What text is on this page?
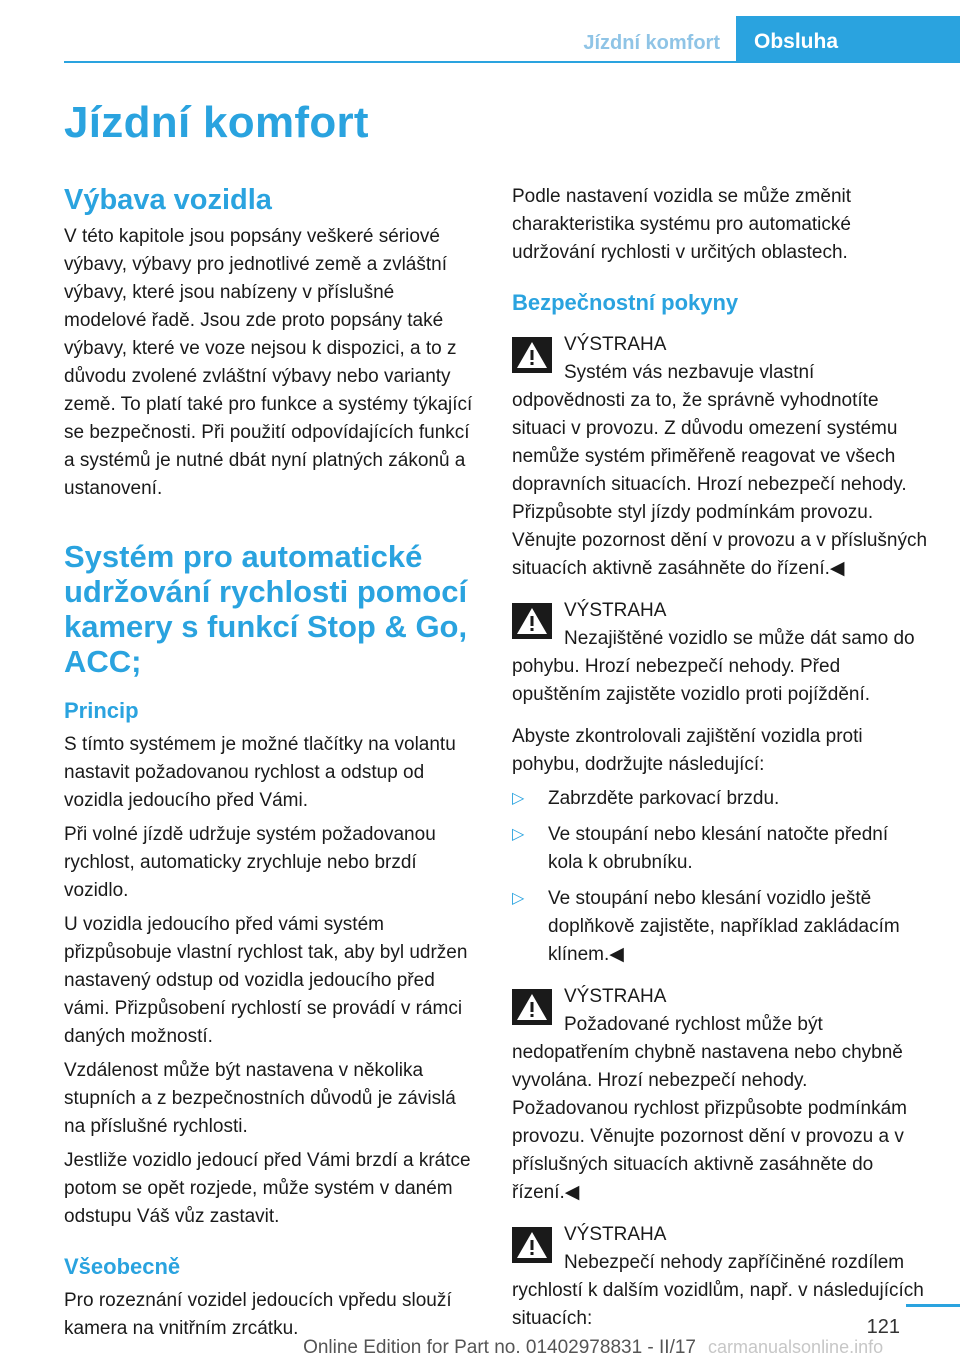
Jízdní komfort	Obsluha
Jízdní komfort
Výbava vozidla

V této kapitole jsou popsány veškeré sériové výbavy, výbavy pro jednotlivé země a zvláštní výbavy, které jsou nabízeny v příslušné modelové řadě. Jsou zde proto popsány také výbavy, které ve voze nejsou k dispozici, a to z důvodu zvolené zvláštní výbavy nebo varianty země. To platí také pro funkce a systémy týkající se bezpečnosti. Při použití odpovídajících funkcí a systémů je nutné dbát nyní platných zákonů a ustanovení.

Systém pro automatické udržování rychlosti pomocí kamery s funkcí Stop & Go, ACC;
Princip

S tímto systémem je možné tlačítky na volantu nastavit požadovanou rychlost a odstup od vozidla jedoucího před Vámi.

Při volné jízdě udržuje systém požadovanou rychlost, automaticky zrychluje nebo brzdí vozidlo.

U vozidla jedoucího před vámi systém přizpůsobuje vlastní rychlost tak, aby byl udržen nastavený odstup od vozidla jedoucího před vámi. Přizpůsobení rychlostí se provádí v rámci daných možností.

Vzdálenost může být nastavena v několika stupních a z bezpečnostních důvodů je závislá na příslušné rychlosti.

Jestliže vozidlo jedoucí před Vámi brzdí a krátce potom se opět rozjede, může systém v daném odstupu Váš vůz zastavit.

Všeobecně

Pro rozeznání vozidel jedoucích vpředu slouží kamera na vnitřním zrcátku.

Podle nastavení vozidla se může změnit charakteristika systému pro automatické udržování rychlosti v určitých oblastech.

Bezpečnostní pokyny
VÝSTRAHA
Systém vás nezbavuje vlastní odpovědnosti za to, že správně vyhodnotíte situaci v provozu. Z důvodu omezení systému nemůže systém přiměřeně reagovat ve všech dopravních situacích. Hrozí nebezpečí nehody. Přizpůsobte styl jízdy podmínkám provozu. Věnujte pozornost dění v provozu a v příslušných situacích aktivně zasáhněte do řízení.◀
VÝSTRAHA
Nezajištěné vozidlo se může dát samo do pohybu. Hrozí nebezpečí nehody. Před opuštěním zajistěte vozidlo proti pojíždění.

Abyste zkontrolovali zajištění vozidla proti pohybu, dodržujte následující:

▷ Zabrzděte parkovací brzdu.
▷ Ve stoupání nebo klesání natočte přední kola k obrubníku.
▷ Ve stoupání nebo klesání vozidlo ještě doplňkově zajistěte, například zakládacím klínem.◀
VÝSTRAHA
Požadované rychlost může být nedopatřením chybně nastavena nebo chybně vyvolána. Hrozí nebezpečí nehody. Požadovanou rychlost přizpůsobte podmínkám provozu. Věnujte pozornost dění v provozu a v příslušných situacích aktivně zasáhněte do řízení.◀
VÝSTRAHA
Nebezpečí nehody zapříčiněné rozdílem rychlostí k dalším vozidlům, např. v následujících situacích:	121
Online Edition for Part no. 01402978831 - II/17 carmanualsonline.info
